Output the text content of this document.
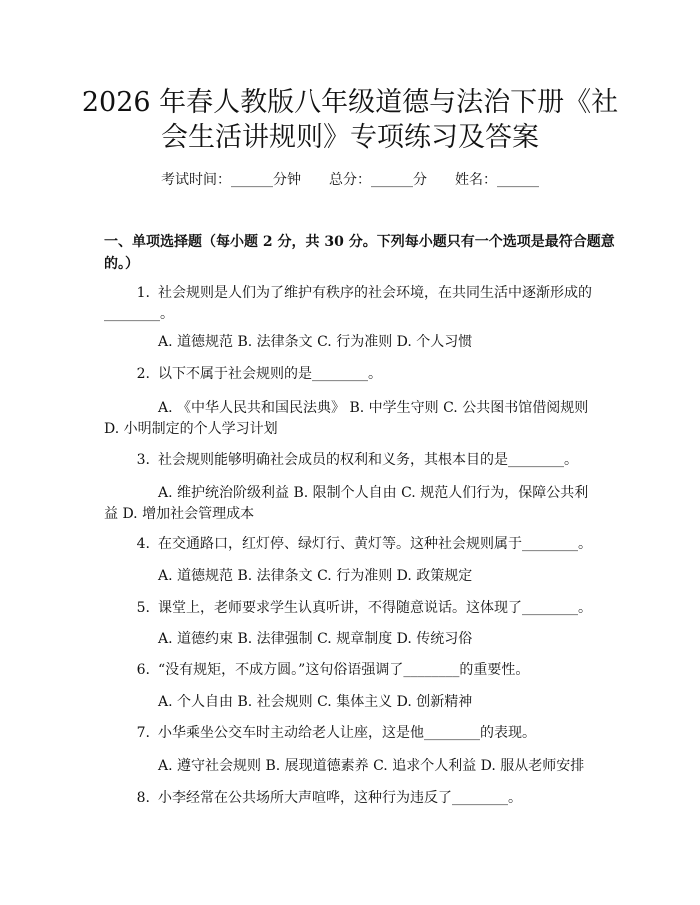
2026 年春人教版八年级道德与法治下册《社
会生活讲规则》专项练习及答案
考试时间：______分钟 总分：______分 姓名：______
一、单项选择题（每小题 2 分，共 30 分。下列每小题只有一个选项是最符合题意
的。）
1. 社会规则是人们为了维护有秩序的社会环境，在共同生活中逐渐形成的
________。
A. 道德规范 B. 法律条文 C. 行为准则 D. 个人习惯
2. 以下不属于社会规则的是________。
A. 《中华人民共和国民法典》 B. 中学生守则 C. 公共图书馆借阅规则
D. 小明制定的个人学习计划
3. 社会规则能够明确社会成员的权利和义务，其根本目的是________。
A. 维护统治阶级利益 B. 限制个人自由 C. 规范人们行为，保障公共利
益 D. 增加社会管理成本
4. 在交通路口，红灯停、绿灯行、黄灯等。这种社会规则属于________。
A. 道德规范 B. 法律条文 C. 行为准则 D. 政策规定
5. 课堂上，老师要求学生认真听讲，不得随意说话。这体现了________。
A. 道德约束 B. 法律强制 C. 规章制度 D. 传统习俗
6. “没有规矩，不成方圆。”这句俗语强调了________的重要性。
A. 个人自由 B. 社会规则 C. 集体主义 D. 创新精神
7. 小华乘坐公交车时主动给老人让座，这是他________的表现。
A. 遵守社会规则 B. 展现道德素养 C. 追求个人利益 D. 服从老师安排
8. 小李经常在公共场所大声喧哗，这种行为违反了________。
